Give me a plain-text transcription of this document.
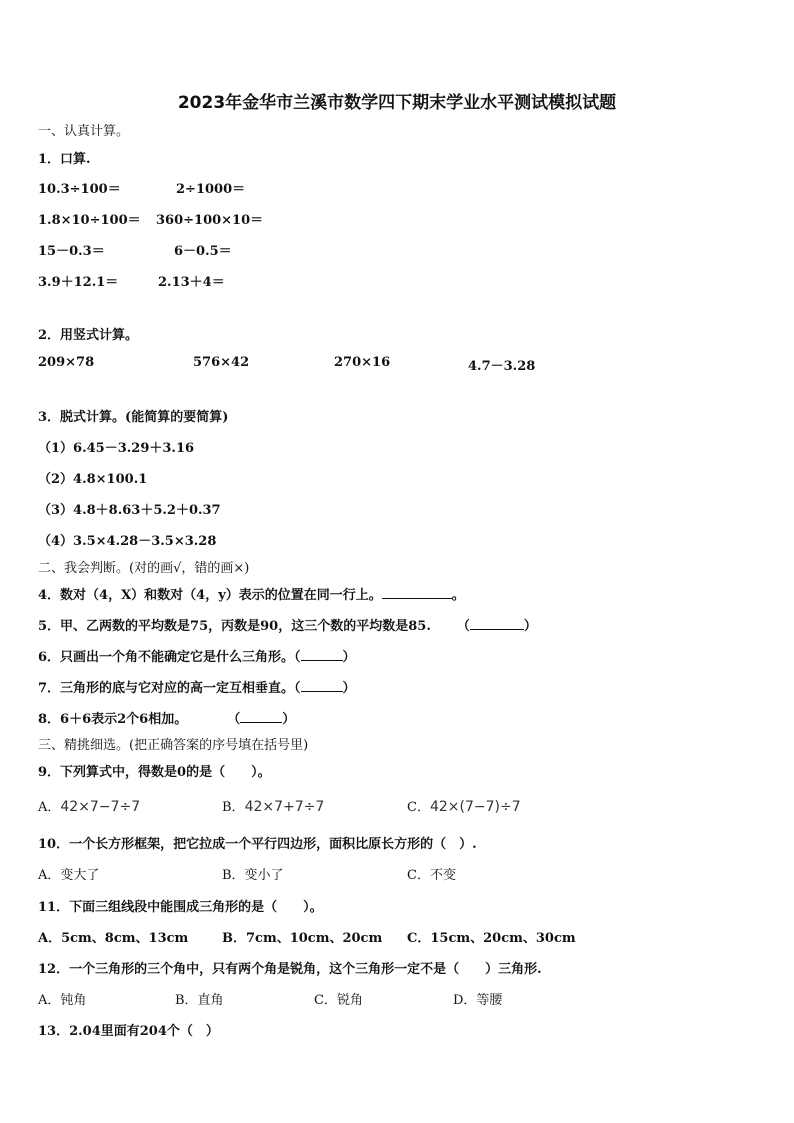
2023年金华市兰溪市数学四下期末学业水平测试模拟试题
一、认真计算。
1．口算.
10.3÷100＝	2÷1000＝
1.8×10÷100＝ 360÷100×10＝
15－0.3＝	6－0.5＝
3.9＋12.1＝	2.13＋4＝
2．用竖式计算。
209×78	576×42	270×16	4.7－3.28
3．脱式计算。(能简算的要简算)
（1）6.45－3.29＋3.16
（2）4.8×100.1
（3）4.8＋8.63＋5.2＋0.37
（4）3.5×4.28－3.5×3.28
二、我会判断。(对的画√，错的画×)
4．数对（4，X）和数对（4，y）表示的位置在同一行上。	。
5．甲、乙两数的平均数是75，丙数是90，这三个数的平均数是85. （	）
6．只画出一个角不能确定它是什么三角形。（	）
7．三角形的底与它对应的高一定互相垂直。（	）
8．6＋6表示2个6相加。	（	）
三、精挑细选。(把正确答案的序号填在括号里)
9．下列算式中，得数是0的是（　　）。
A．42×7−7÷7	B．42×7+7÷7	C．42×(7−7)÷7
10．一个长方形框架，把它拉成一个平行四边形，面积比原长方形的（　）.
A．变大了	B．变小了	C．不变
11．下面三组线段中能围成三角形的是（　　）。
A．5cm、8cm、13cm	B．7cm、10cm、20cm C．15cm、20cm、30cm
12．一个三角形的三个角中，只有两个角是锐角，这个三角形一定不是（　　）三角形.
A．钝角	B．直角	C．锐角	D．等腰
13．2.04里面有204个（　）
